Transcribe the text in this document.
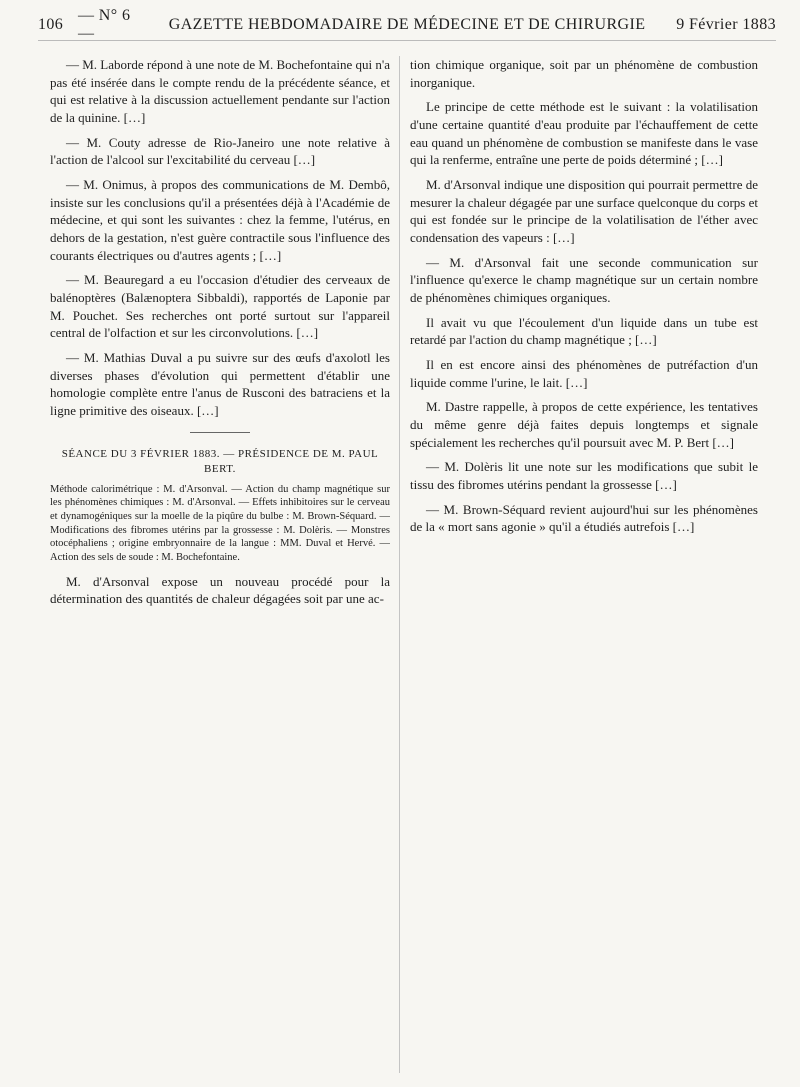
106
— N° 6 —
GAZETTE HEBDOMADAIRE DE MÉDECINE ET DE CHIRURGIE	9 Février 1883

— M. Laborde répond à une note de M. Bochefontaine qui n'a pas été insérée dans le compte rendu de la précédente séance, et qui est relative à la discussion actuellement pendante sur l'action de la quinine. […]

— M. Couty adresse de Rio-Janeiro une note relative à l'action de l'alcool sur l'excitabilité du cerveau […]

— M. Onimus, à propos des communications de M. Dembô, insiste sur les conclusions qu'il a présentées déjà à l'Académie de médecine, et qui sont les suivantes : chez la femme, l'utérus, en dehors de la gestation, n'est guère contractile sous l'influence des courants électriques ou d'autres agents ; […]

— M. Beauregard a eu l'occasion d'étudier des cerveaux de balénoptères (Balænoptera Sibbaldi), rapportés de Laponie par M. Pouchet. Ses recherches ont porté surtout sur l'appareil central de l'olfaction et sur les circonvolutions. […]

— M. Mathias Duval a pu suivre sur des œufs d'axolotl les diverses phases d'évolution qui permettent d'établir une homologie complète entre l'anus de Rusconi des batraciens et la ligne primitive des oiseaux. […]

SÉANCE DU 3 FÉVRIER 1883. — PRÉSIDENCE DE M. PAUL BERT.

Méthode calorimétrique : M. d'Arsonval. — Action du champ magnétique sur les phénomènes chimiques : M. d'Arsonval. — Effets inhibitoires sur le cerveau et dynamogéniques sur la moelle de la piqûre du bulbe : M. Brown-Séquard. — Modifications des fibromes utérins par la grossesse : M. Dolèris. — Monstres otocéphaliens ; origine embryonnaire de la langue : MM. Duval et Hervé. — Action des sels de soude : M. Bochefontaine.

M. d'Arsonval expose un nouveau procédé pour la détermination des quantités de chaleur dégagées soit par une ac-

tion chimique organique, soit par un phénomène de combustion inorganique.

Le principe de cette méthode est le suivant : la volatilisation d'une certaine quantité d'eau produite par l'échauffement de cette eau quand un phénomène de combustion se manifeste dans le vase qui la renferme, entraîne une perte de poids déterminé ; […]

M. d'Arsonval indique une disposition qui pourrait permettre de mesurer la chaleur dégagée par une surface quelconque du corps et qui est fondée sur le principe de la volatilisation de l'éther avec condensation des vapeurs : […]

— M. d'Arsonval fait une seconde communication sur l'influence qu'exerce le champ magnétique sur un certain nombre de phénomènes chimiques organiques.

Il avait vu que l'écoulement d'un liquide dans un tube est retardé par l'action du champ magnétique ; […]

Il en est encore ainsi des phénomènes de putréfaction d'un liquide comme l'urine, le lait. […]

M. Dastre rappelle, à propos de cette expérience, les tentatives du même genre déjà faites depuis longtemps et signale spécialement les recherches qu'il poursuit avec M. P. Bert […]

— M. Dolèris lit une note sur les modifications que subit le tissu des fibromes utérins pendant la grossesse […]

— M. Brown-Séquard revient aujourd'hui sur les phénomènes de la « mort sans agonie » qu'il a étudiés autrefois […]
